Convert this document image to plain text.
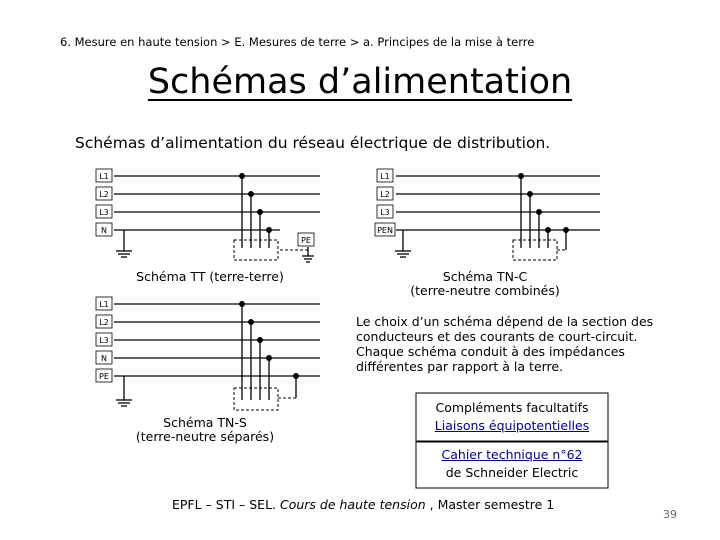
6. Mesure en haute tension > E. Mesures de terre > a. Principes de la mise à terre
Schémas d’alimentation
Schémas d’alimentation du réseau électrique de distribution.
L1
L2
L3
N
PE
L1
L2
L3
PEN
L1
L2
L3
N
PE
Schéma TT (terre-terre)	Schéma TN-C
(terre-neutre combinés)
Schéma TN-S
(terre-neutre séparés)
Le choix d’un schéma dépend de la section des conducteurs et des courants de court-circuit. Chaque schéma conduit à des impédances différentes par rapport à la terre.
Compléments facultatifs
Liaisons équipotentielles
Cahier technique n°62
de Schneider Electric
EPFL – STI – SEL. Cours de haute tension , Master semestre 1
39
